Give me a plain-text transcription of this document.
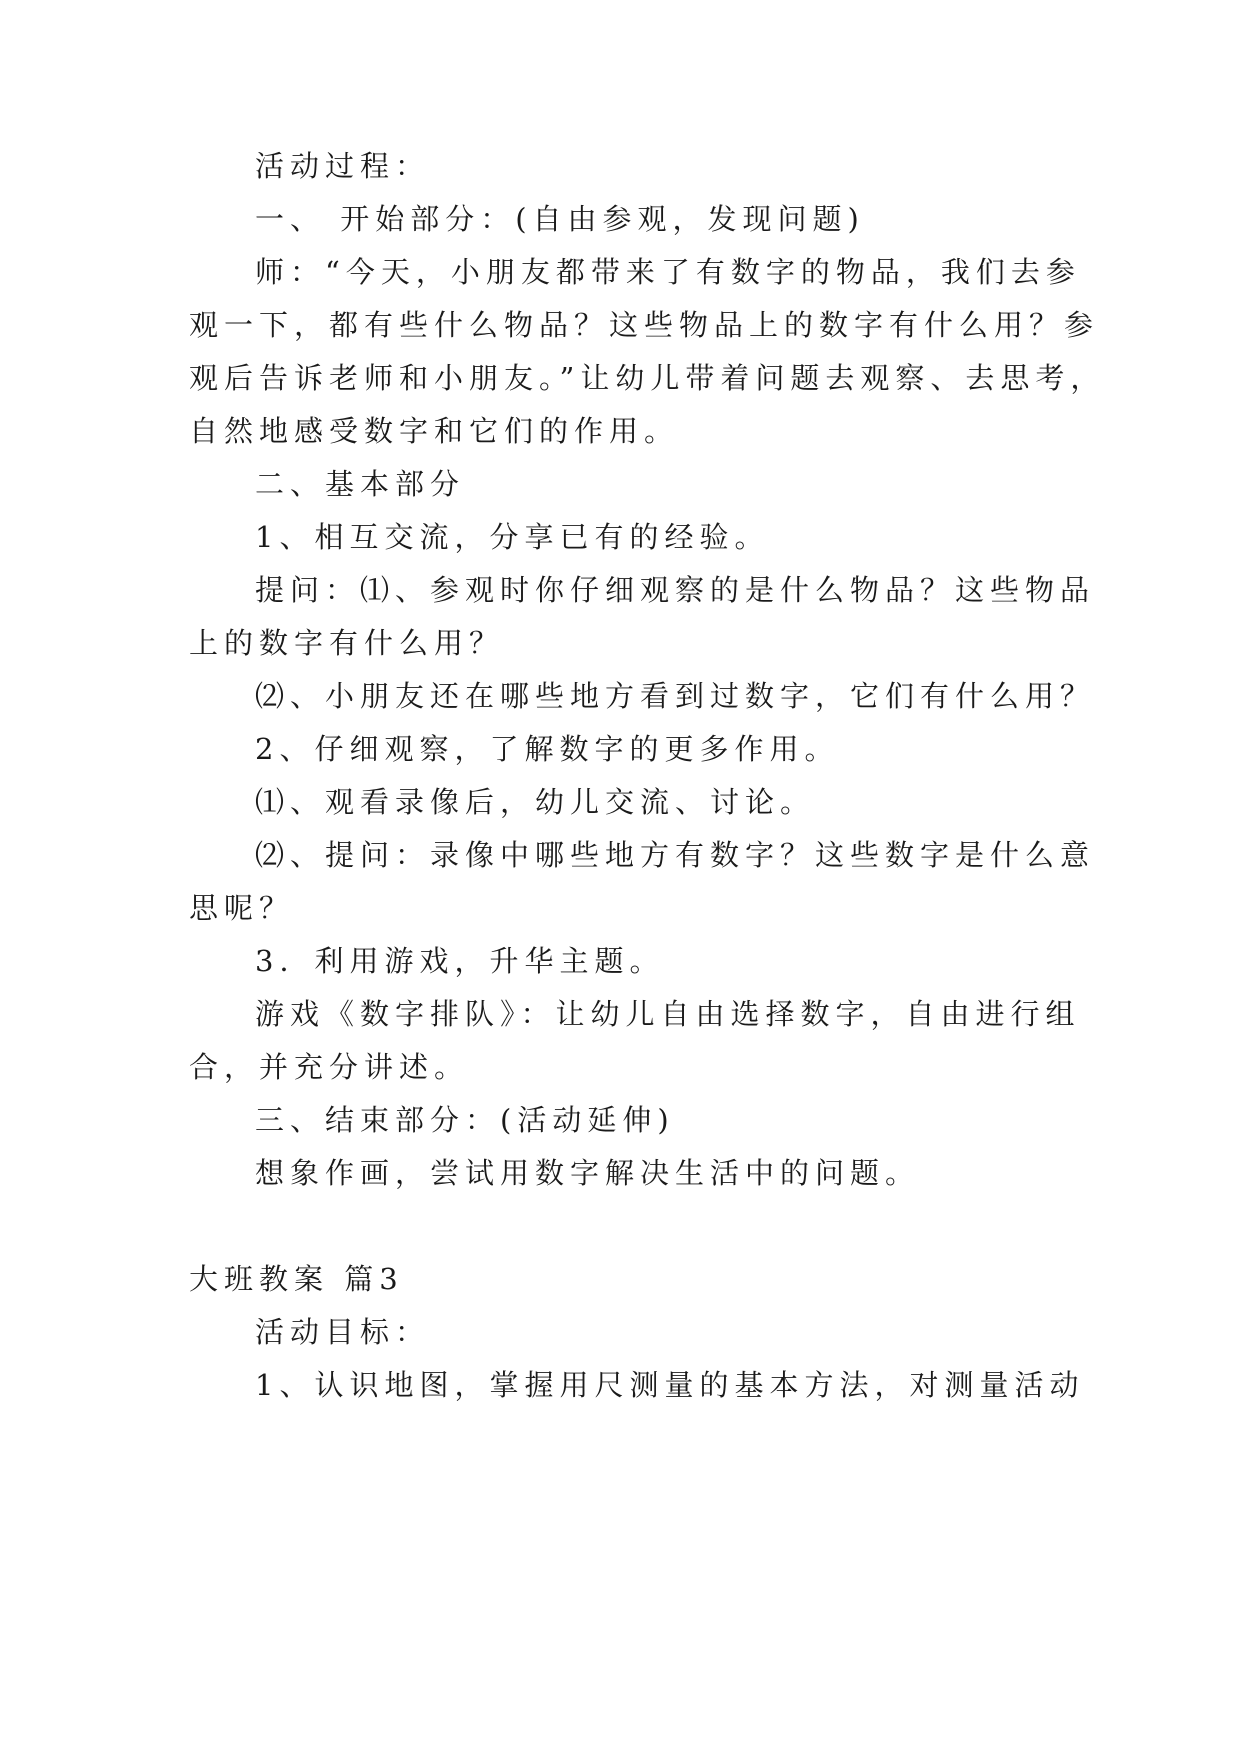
活动过程：
一、 开始部分：(自由参观，发现问题)
师：“今天，小朋友都带来了有数字的物品，我们去参
观一下，都有些什么物品？这些物品上的数字有什么用？参
观后告诉老师和小朋友。”让幼儿带着问题去观察、去思考，
自然地感受数字和它们的作用。
二、基本部分
1、相互交流，分享已有的经验。
提问：⑴、参观时你仔细观察的是什么物品？这些物品
上的数字有什么用？
⑵、小朋友还在哪些地方看到过数字，它们有什么用？
2、仔细观察，了解数字的更多作用。
⑴、观看录像后，幼儿交流、讨论。
⑵、提问：录像中哪些地方有数字？这些数字是什么意
思呢？
3．利用游戏，升华主题。
游戏《数字排队》：让幼儿自由选择数字，自由进行组
合，并充分讲述。
三、结束部分：(活动延伸)
想象作画，尝试用数字解决生活中的问题。
大班教案 篇3
活动目标：
1、认识地图，掌握用尺测量的基本方法，对测量活动
